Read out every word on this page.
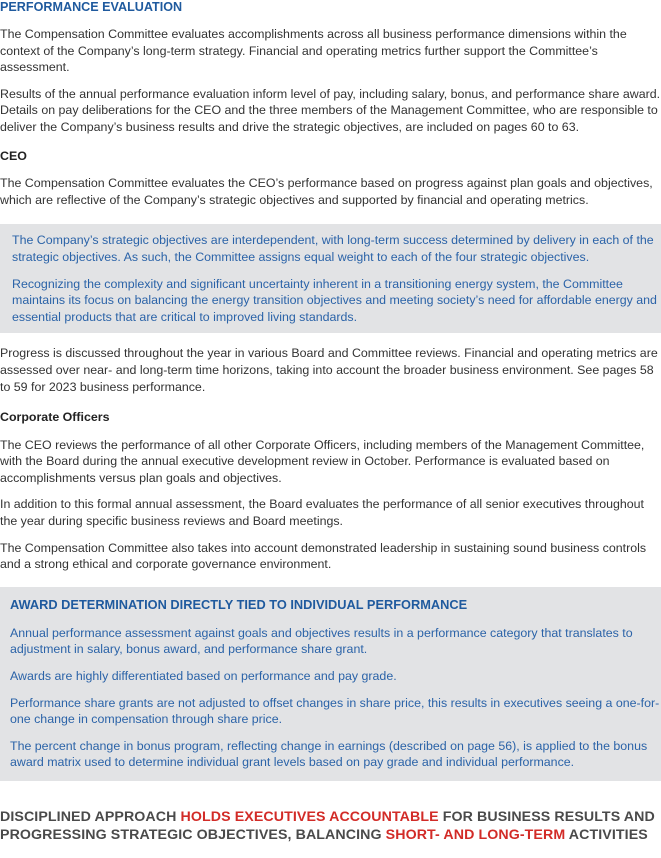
PERFORMANCE EVALUATION

The Compensation Committee evaluates accomplishments across all business performance dimensions within the context of the Company’s long-term strategy. Financial and operating metrics further support the Committee’s assessment.

Results of the annual performance evaluation inform level of pay, including salary, bonus, and performance share award. Details on pay deliberations for the CEO and the three members of the Management Committee, who are responsible to deliver the Company’s business results and drive the strategic objectives, are included on pages 60 to 63.

CEO

The Compensation Committee evaluates the CEO’s performance based on progress against plan goals and objectives, which are reflective of the Company’s strategic objectives and supported by financial and operating metrics.

The Company’s strategic objectives are interdependent, with long-term success determined by delivery in each of the strategic objectives. As such, the Committee assigns equal weight to each of the four strategic objectives.

Recognizing the complexity and significant uncertainty inherent in a transitioning energy system, the Committee maintains its focus on balancing the energy transition objectives and meeting society’s need for affordable energy and essential products that are critical to improved living standards.

Progress is discussed throughout the year in various Board and Committee reviews. Financial and operating metrics are assessed over near- and long-term time horizons, taking into account the broader business environment. See pages 58 to 59 for 2023 business performance.

Corporate Officers

The CEO reviews the performance of all other Corporate Officers, including members of the Management Committee, with the Board during the annual executive development review in October. Performance is evaluated based on accomplishments versus plan goals and objectives.

In addition to this formal annual assessment, the Board evaluates the performance of all senior executives throughout the year during specific business reviews and Board meetings.

The Compensation Committee also takes into account demonstrated leadership in sustaining sound business controls and a strong ethical and corporate governance environment.

AWARD DETERMINATION DIRECTLY TIED TO INDIVIDUAL PERFORMANCE

Annual performance assessment against goals and objectives results in a performance category that translates to adjustment in salary, bonus award, and performance share grant.

Awards are highly differentiated based on performance and pay grade.

Performance share grants are not adjusted to offset changes in share price, this results in executives seeing a one-for-one change in compensation through share price.

The percent change in bonus program, reflecting change in earnings (described on page 56), is applied to the bonus award matrix used to determine individual grant levels based on pay grade and individual performance.

DISCIPLINED APPROACH HOLDS EXECUTIVES ACCOUNTABLE FOR BUSINESS RESULTS AND PROGRESSING STRATEGIC OBJECTIVES, BALANCING SHORT- AND LONG-TERM ACTIVITIES
